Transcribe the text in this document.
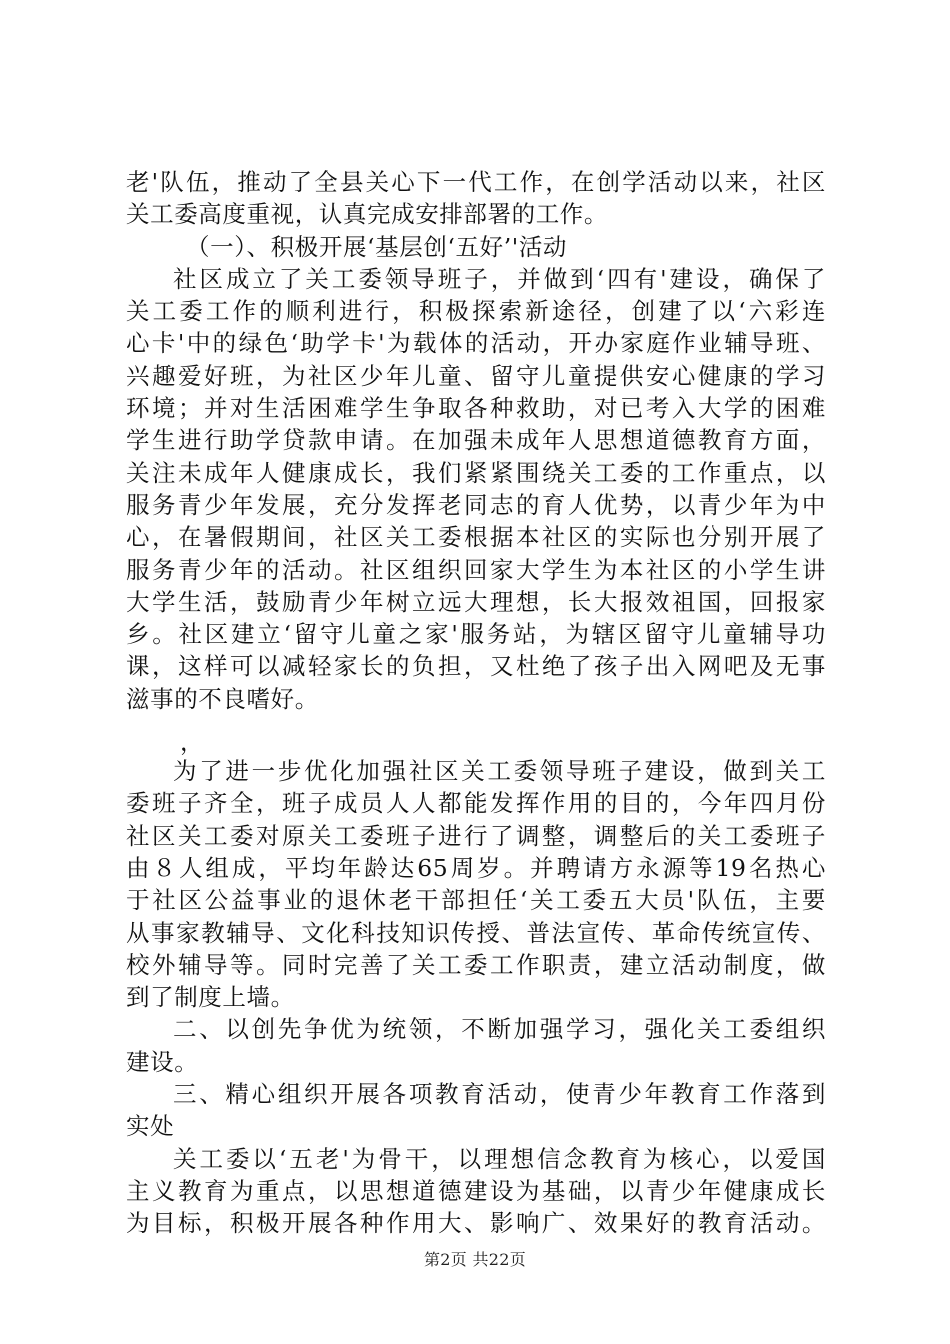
老'队伍，推动了全县关心下一代工作，在创学活动以来，社区
关工委高度重视，认真完成安排部署的工作。
（一）、积极开展‘基层创‘五好’'活动
社区成立了关工委领导班子，并做到‘四有'建设，确保了
关工委工作的顺利进行，积极探索新途径，创建了以‘六彩连
心卡'中的绿色‘助学卡'为载体的活动，开办家庭作业辅导班、
兴趣爱好班，为社区少年儿童、留守儿童提供安心健康的学习
环境；并对生活困难学生争取各种救助，对已考入大学的困难
学生进行助学贷款申请。在加强未成年人思想道德教育方面，
关注未成年人健康成长，我们紧紧围绕关工委的工作重点，以
服务青少年发展，充分发挥老同志的育人优势，以青少年为中
心，在暑假期间，社区关工委根据本社区的实际也分别开展了
服务青少年的活动。社区组织回家大学生为本社区的小学生讲
大学生活，鼓励青少年树立远大理想，长大报效祖国，回报家
乡。社区建立‘留守儿童之家'服务站，为辖区留守儿童辅导功
课，这样可以减轻家长的负担，又杜绝了孩子出入网吧及无事
滋事的不良嗜好。
，
为了进一步优化加强社区关工委领导班子建设，做到关工
委班子齐全，班子成员人人都能发挥作用的目的，今年四月份
社区关工委对原关工委班子进行了调整，调整后的关工委班子
由８人组成，平均年龄达65周岁。并聘请方永源等19名热心
于社区公益事业的退休老干部担任‘关工委五大员'队伍，主要
从事家教辅导、文化科技知识传授、普法宣传、革命传统宣传、
校外辅导等。同时完善了关工委工作职责，建立活动制度，做
到了制度上墙。
二、以创先争优为统领，不断加强学习，强化关工委组织
建设。
三、精心组织开展各项教育活动，使青少年教育工作落到
实处
关工委以‘五老'为骨干，以理想信念教育为核心，以爱国
主义教育为重点，以思想道德建设为基础，以青少年健康成长
为目标，积极开展各种作用大、影响广、效果好的教育活动。
第2页 共22页
